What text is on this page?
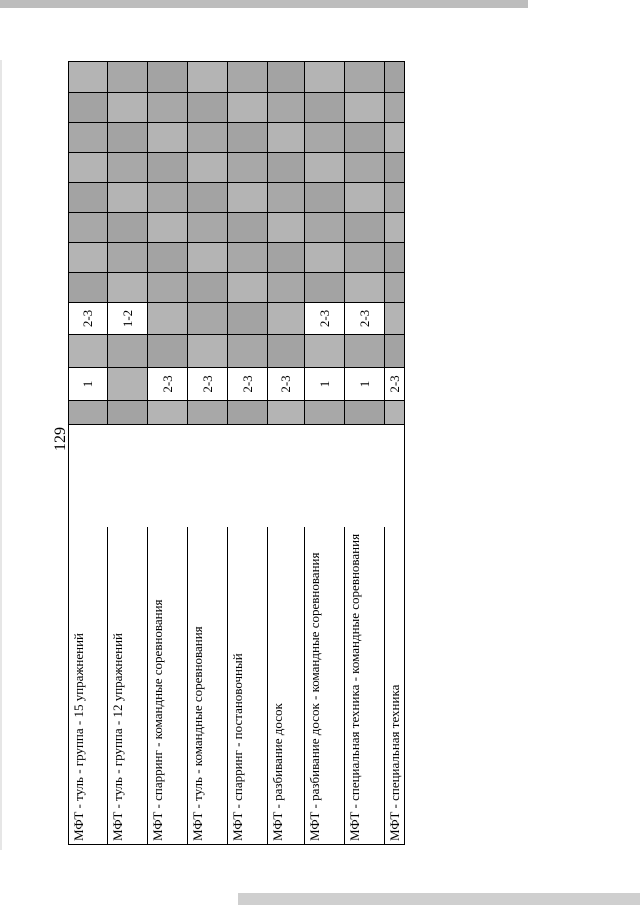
129
МФТ - туль - группа - 15 упражнений МФТ - туль - группа - 12 упражнений МФТ - спарринг - командные соревнования МФТ - туль - командные соревнования МФТ - спарринг - постановочный МФТ - разбивание досок МФТ - разбивание досок - командные соревнования МФТ - специальная техника - командные соревнования МФТ - специальная техника
1
2-3 1-2
2-3 2-3 2-3 2-3 1
2-3
1
2-3
2-3
